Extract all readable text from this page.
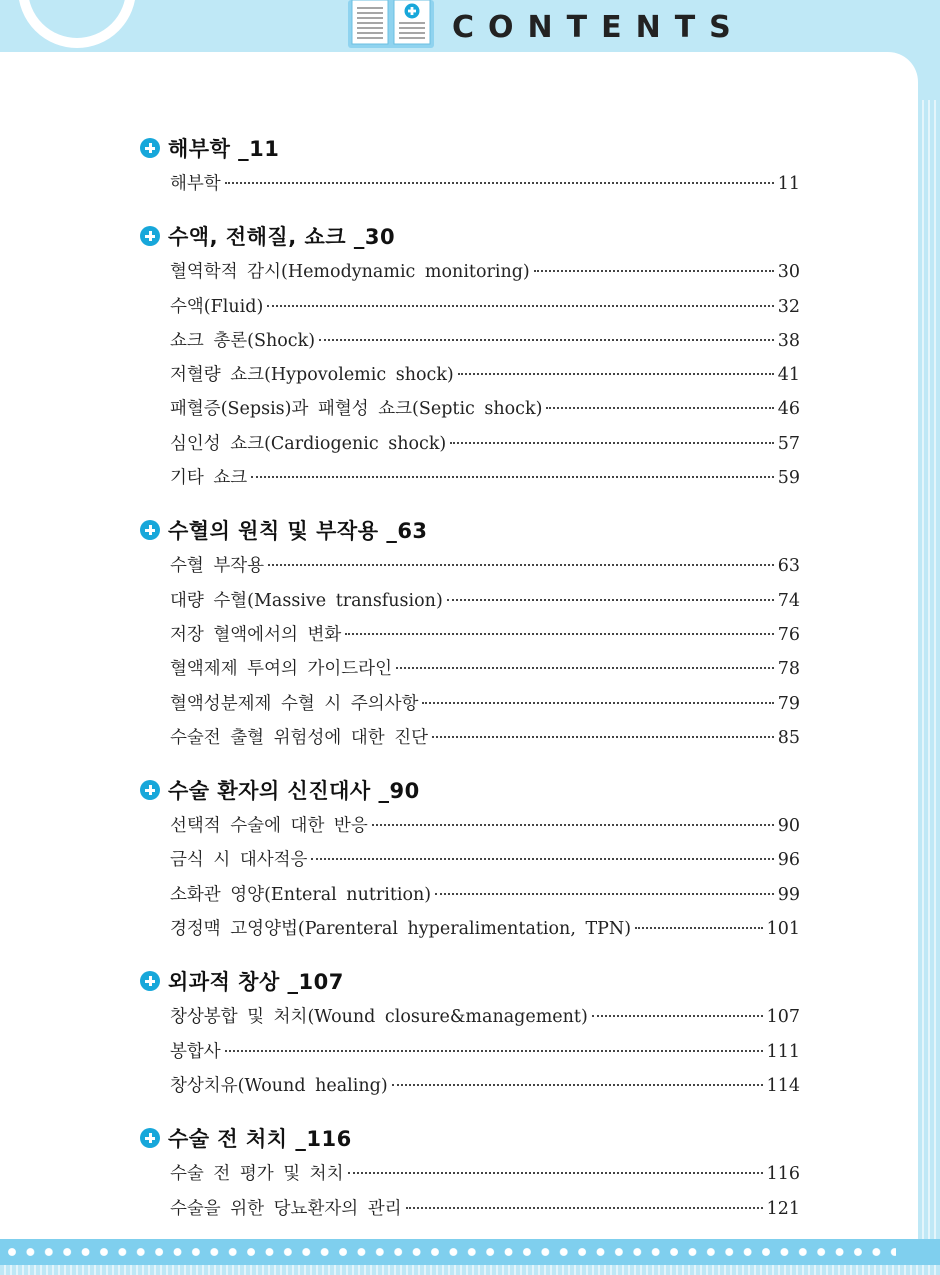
CONTENTS
해부학 _11
해부학	11
수액, 전해질, 쇼크 _30
혈역학적 감시(Hemodynamic monitoring)	30
수액(Fluid)	32
쇼크 총론(Shock)	38
저혈량 쇼크(Hypovolemic shock)	41
패혈증(Sepsis)과 패혈성 쇼크(Septic shock)	46
심인성 쇼크(Cardiogenic shock)	57
기타 쇼크	59
수혈의 원칙 및 부작용 _63
수혈 부작용	63
대량 수혈(Massive transfusion)	74
저장 혈액에서의 변화	76
혈액제제 투여의 가이드라인	78
혈액성분제제 수혈 시 주의사항	79
수술전 출혈 위험성에 대한 진단	85
수술 환자의 신진대사 _90
선택적 수술에 대한 반응	90
금식 시 대사적응	96
소화관 영양(Enteral nutrition)	99
경정맥 고영양법(Parenteral hyperalimentation, TPN)	101
외과적 창상 _107
창상봉합 및 처치(Wound closure&management)	107
봉합사	111
창상치유(Wound healing)	114
수술 전 처치 _116
수술 전 평가 및 처치	116
수술을 위한 당뇨환자의 관리	121
